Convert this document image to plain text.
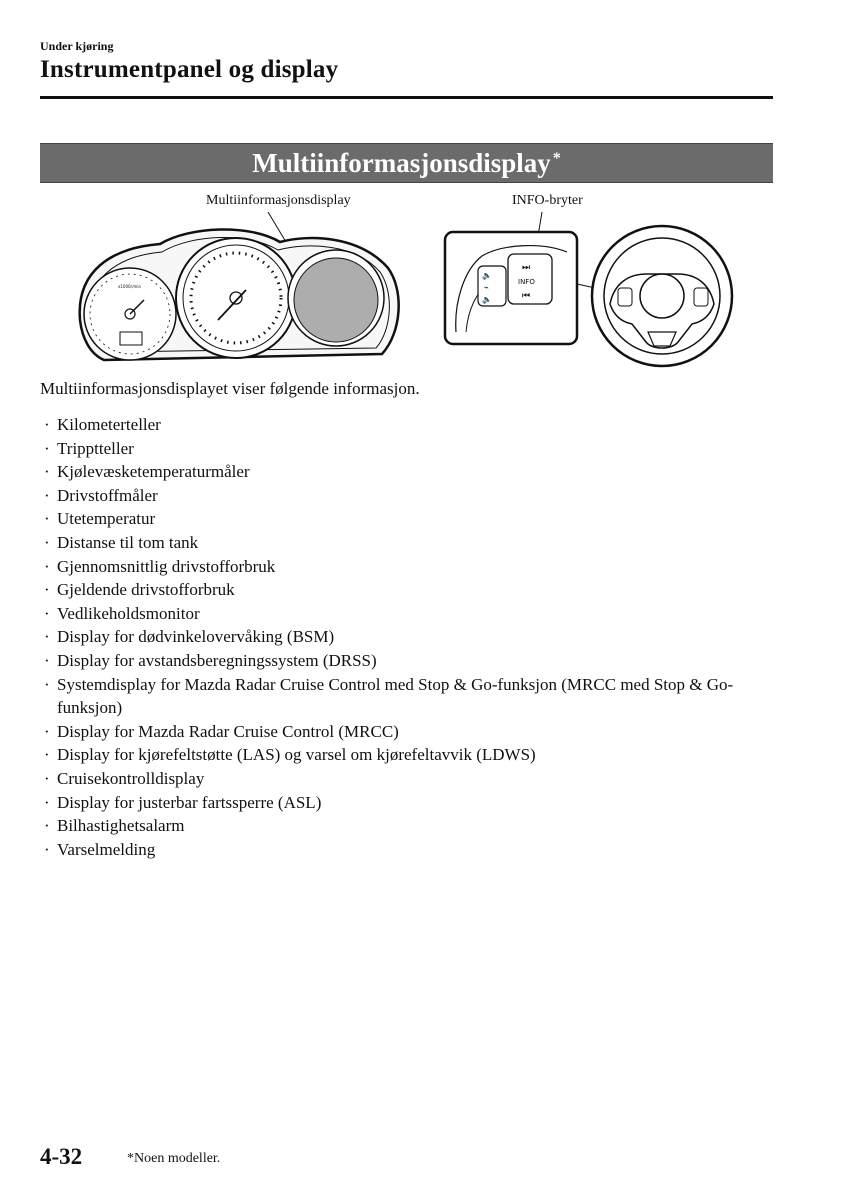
Under kjøring
Instrumentpanel og display
Multiinformasjonsdisplay*
Multiinformasjonsdisplay	INFO-bryter
x1000r/min
⏭
INFO
⏮
🔈
⌁
🔈
Multiinformasjonsdisplayet viser følgende informasjon.
· Kilometerteller
· Tripptteller
· Kjølevæsketemperaturmåler
· Drivstoffmåler
· Utetemperatur
· Distanse til tom tank
· Gjennomsnittlig drivstofforbruk
· Gjeldende drivstofforbruk
· Vedlikeholdsmonitor
· Display for dødvinkelovervåking (BSM)
· Display for avstandsberegningssystem (DRSS)
· Systemdisplay for Mazda Radar Cruise Control med Stop & Go-funksjon (MRCC med Stop & Go-funksjon)
· Display for Mazda Radar Cruise Control (MRCC)
· Display for kjørefeltstøtte (LAS) og varsel om kjørefeltavvik (LDWS)
· Cruisekontrolldisplay
· Display for justerbar fartssperre (ASL)
· Bilhastighetsalarm
· Varselmelding
4-32	*Noen modeller.
